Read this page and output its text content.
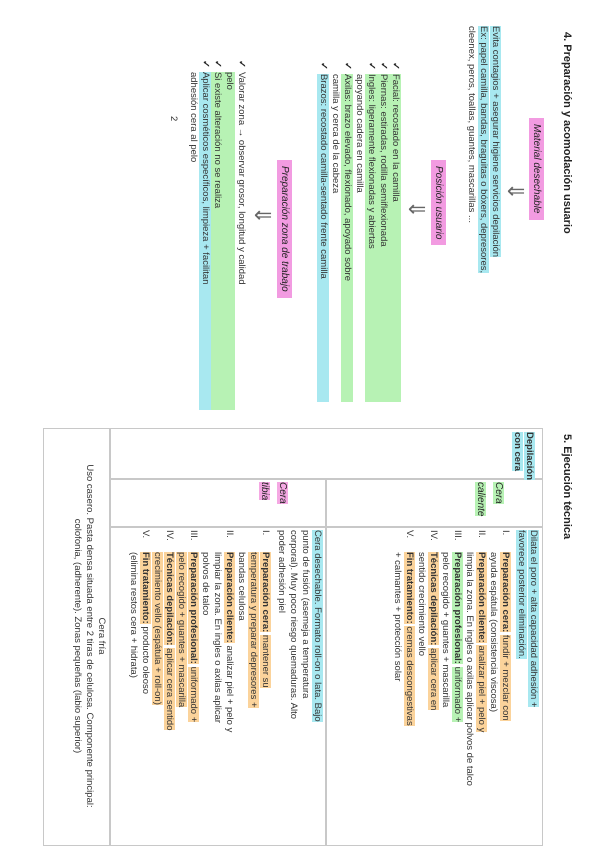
4. Preparación y acomodación usuario
Material desechable
⇓
Evita contagios + asegurar higiene servicios depilación
Ex: papel camilla, bandas, braguitas o bóxers, depresores,
cleenex, peros, toallas, guantes, mascarillas ...
Posición usuario
⇓
✓
Facial: recostado en la camilla
✓
Piernas: estiradas, rodilla semiflexionada
✓
Ingles: ligeramente flexionadas y abiertas
apoyando cadera en camilla
✓
Axilas: brazo elevado, flexionado, apoyado sobre
camilla y cerca de la cabeza
✓
Brazos: recostado camilla-sentado frente camilla
Preparación zona de trabajo
⇓
✓
Valorar zona → observar grosor, longitud y calidad
pelo
✓
Si existe alteración no se realiza
✓
Aplicar cosméticos específicos, limpieza + facilitan
adhesión cera al pelo
2
5. Ejecución técnica
Depilación con cera
Cera caliente
Dilata el poro + alta capacidad adhesión +
favorece posterior eliminación.
I.
Preparación cera: fundir + mezclar con
ayuda espátula (consistencia viscosa)
II.
Preparación cliente: analizar piel + pelo y
limpia la zona. En ingles o axilas aplicar polvos de talco
III.
Preparación profesional: uniformado +
pelo recogido + guantes + mascarilla
IV.
Técnicas depilación: aplicar cera en
sentido crecimiento vello
V.
Fin tratamiento: cremas descongestivas
+ calmantes + protección solar
Cera tibia
Cera desechable. Formato roll-on o lata. Bajo
punto de fusión (asemeja a temperatura
corporal). Muy poco riesgo quemaduras. Alto
poder adhesión piel
I.
Preparación cera: mantener su
temperatura y preparar depresores +
bandas celulosa
II.
Preparación cliente: analizar piel + pelo y
limpiar la zona. En ingles o axilas aplicar
polvos de talco
III.
Preparación profesional: uniformado +
pelo recogido + guantes + mascarilla
IV.
Técnicas depilación: aplicar cera sentido
crecimiento vello (espátula + roll-on)
V.
Fin tratamiento: producto oleoso
(elimina restos cera + hidrata)
Cera fría
Uso casero. Pasta densa situada entre 2 tiras de celulosa. Componente principal:
colofonia, (adherente). Zonas pequeñas (labio superior)
